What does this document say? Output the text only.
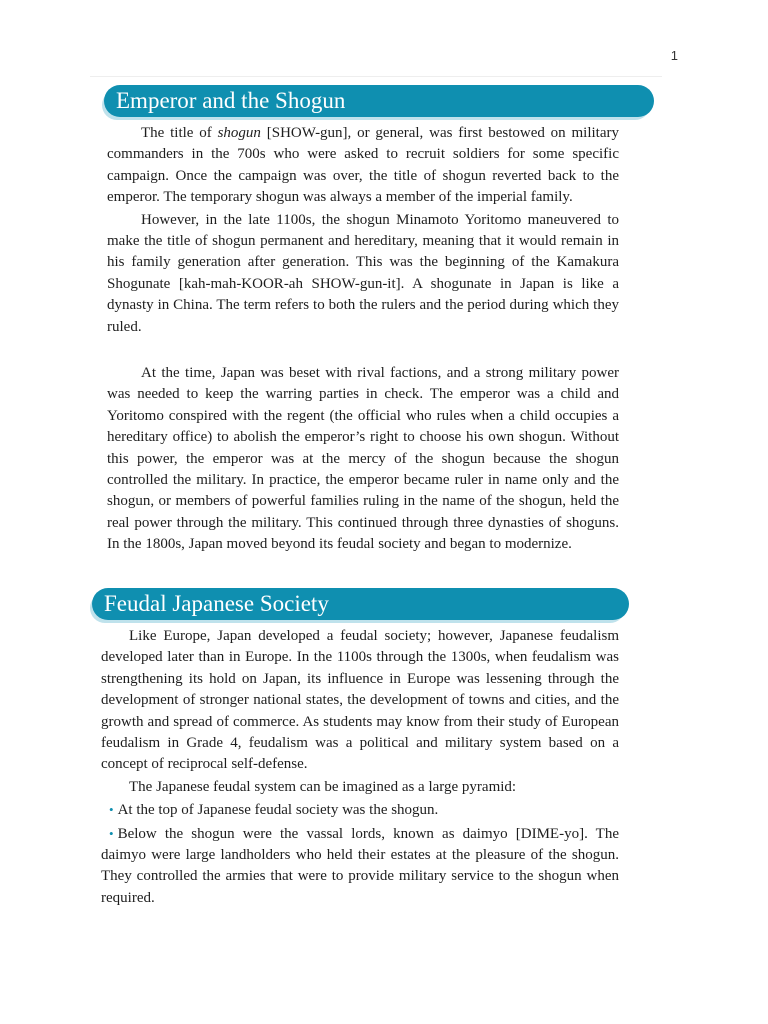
1
Emperor and the Shogun

The title of shogun [SHOW-gun], or general, was first bestowed on military commanders in the 700s who were asked to recruit soldiers for some specific campaign. Once the campaign was over, the title of shogun reverted back to the emperor. The temporary shogun was always a member of the imperial family.

However, in the late 1100s, the shogun Minamoto Yoritomo maneuvered to make the title of shogun permanent and hereditary, meaning that it would remain in his family generation after generation. This was the beginning of the Kamakura Shogunate [kah-mah-KOOR-ah SHOW-gun-it]. A shogunate in Japan is like a dynasty in China. The term refers to both the rulers and the period during which they ruled.

At the time, Japan was beset with rival factions, and a strong military power was needed to keep the warring parties in check. The emperor was a child and Yoritomo conspired with the regent (the official who rules when a child occupies a hereditary office) to abolish the emperor’s right to choose his own shogun. Without this power, the emperor was at the mercy of the shogun because the shogun controlled the military. In practice, the emperor became ruler in name only and the shogun, or members of powerful families ruling in the name of the shogun, held the real power through the military. This continued through three dynasties of shoguns. In the 1800s, Japan moved beyond its feudal society and began to modernize.

Feudal Japanese Society

Like Europe, Japan developed a feudal society; however, Japanese feudalism developed later than in Europe. In the 1100s through the 1300s, when feudalism was strengthening its hold on Japan, its influence in Europe was lessening through the development of stronger national states, the development of towns and cities, and the growth and spread of commerce. As students may know from their study of European feudalism in Grade 4, feudalism was a political and military system based on a concept of reciprocal self-defense.

The Japanese feudal system can be imagined as a large pyramid:

• At the top of Japanese feudal society was the shogun.

• Below the shogun were the vassal lords, known as daimyo [DIME-yo]. The daimyo were large landholders who held their estates at the pleasure of the shogun. They controlled the armies that were to provide military service to the shogun when required.
